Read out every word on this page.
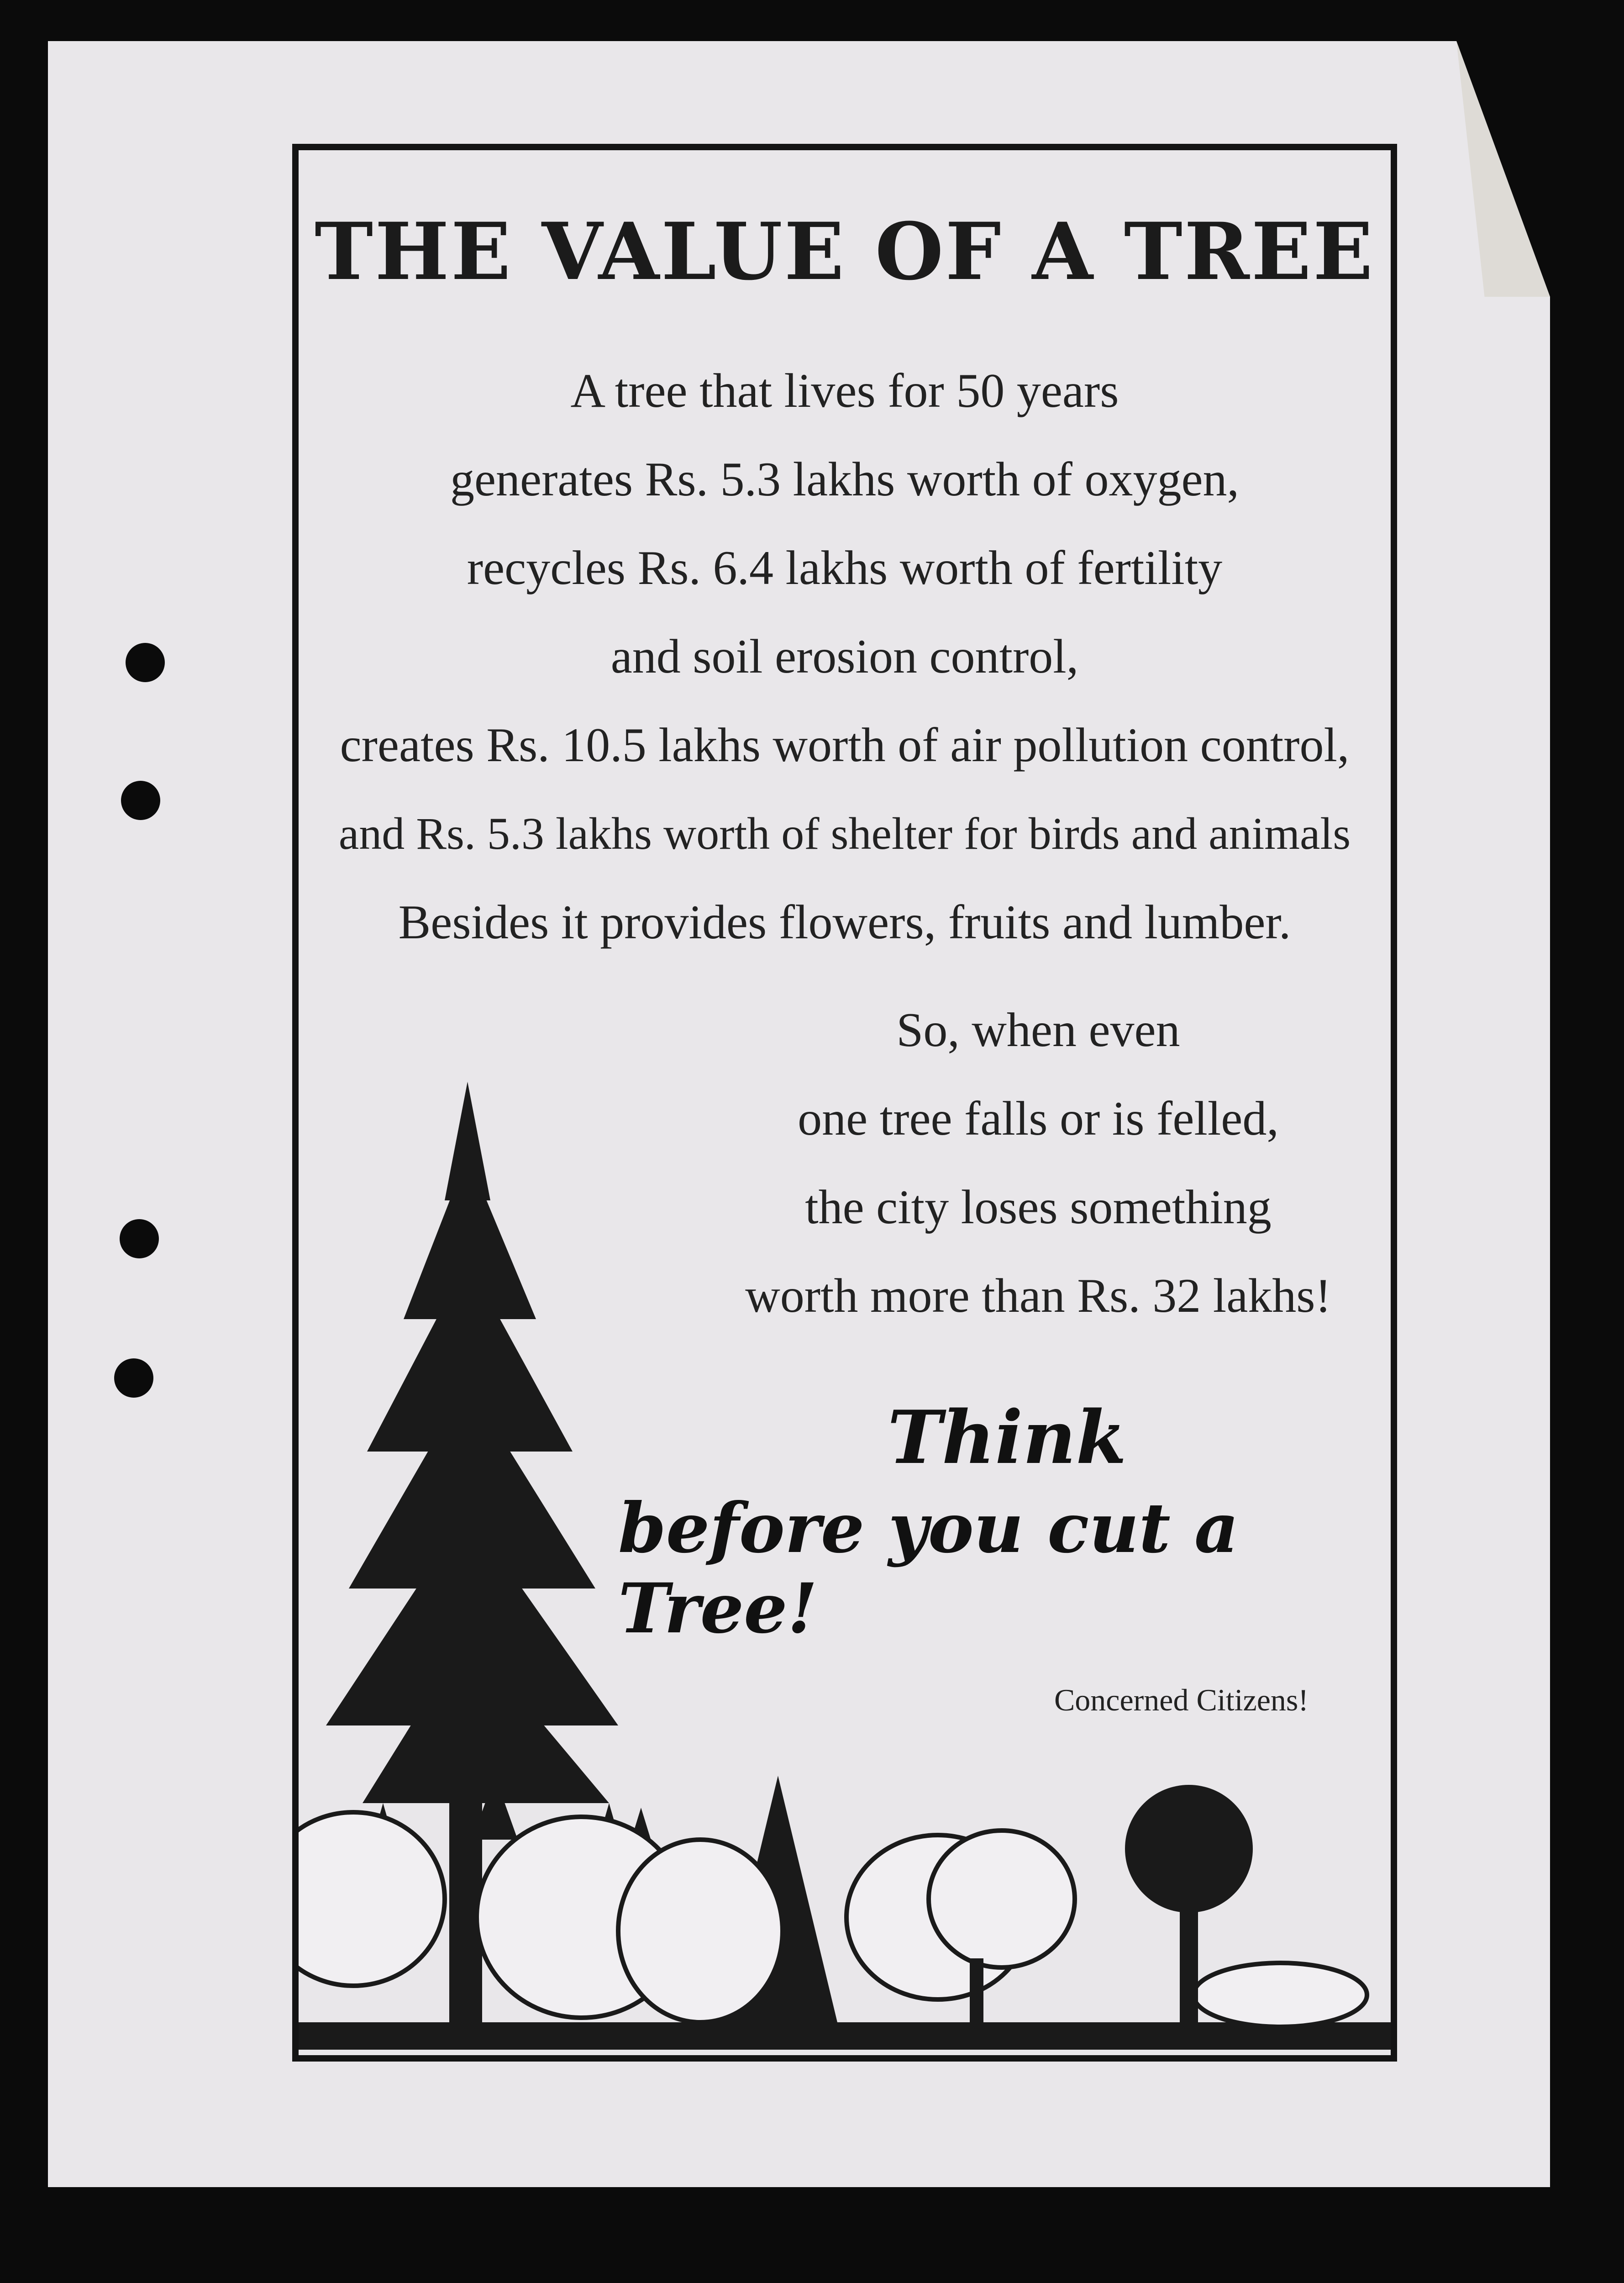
THE VALUE OF A TREE
A tree that lives for 50 years
generates Rs. 5.3 lakhs worth of oxygen,
recycles Rs. 6.4 lakhs worth of fertility
and soil erosion control,
creates Rs. 10.5 lakhs worth of air pollution control,
and Rs. 5.3 lakhs worth of shelter for birds and animals
Besides it provides flowers, fruits and lumber.
So, when even
one tree falls or is felled,
the city loses something
worth more than Rs. 32 lakhs!
Think
before you cut a Tree!
Concerned Citizens!
